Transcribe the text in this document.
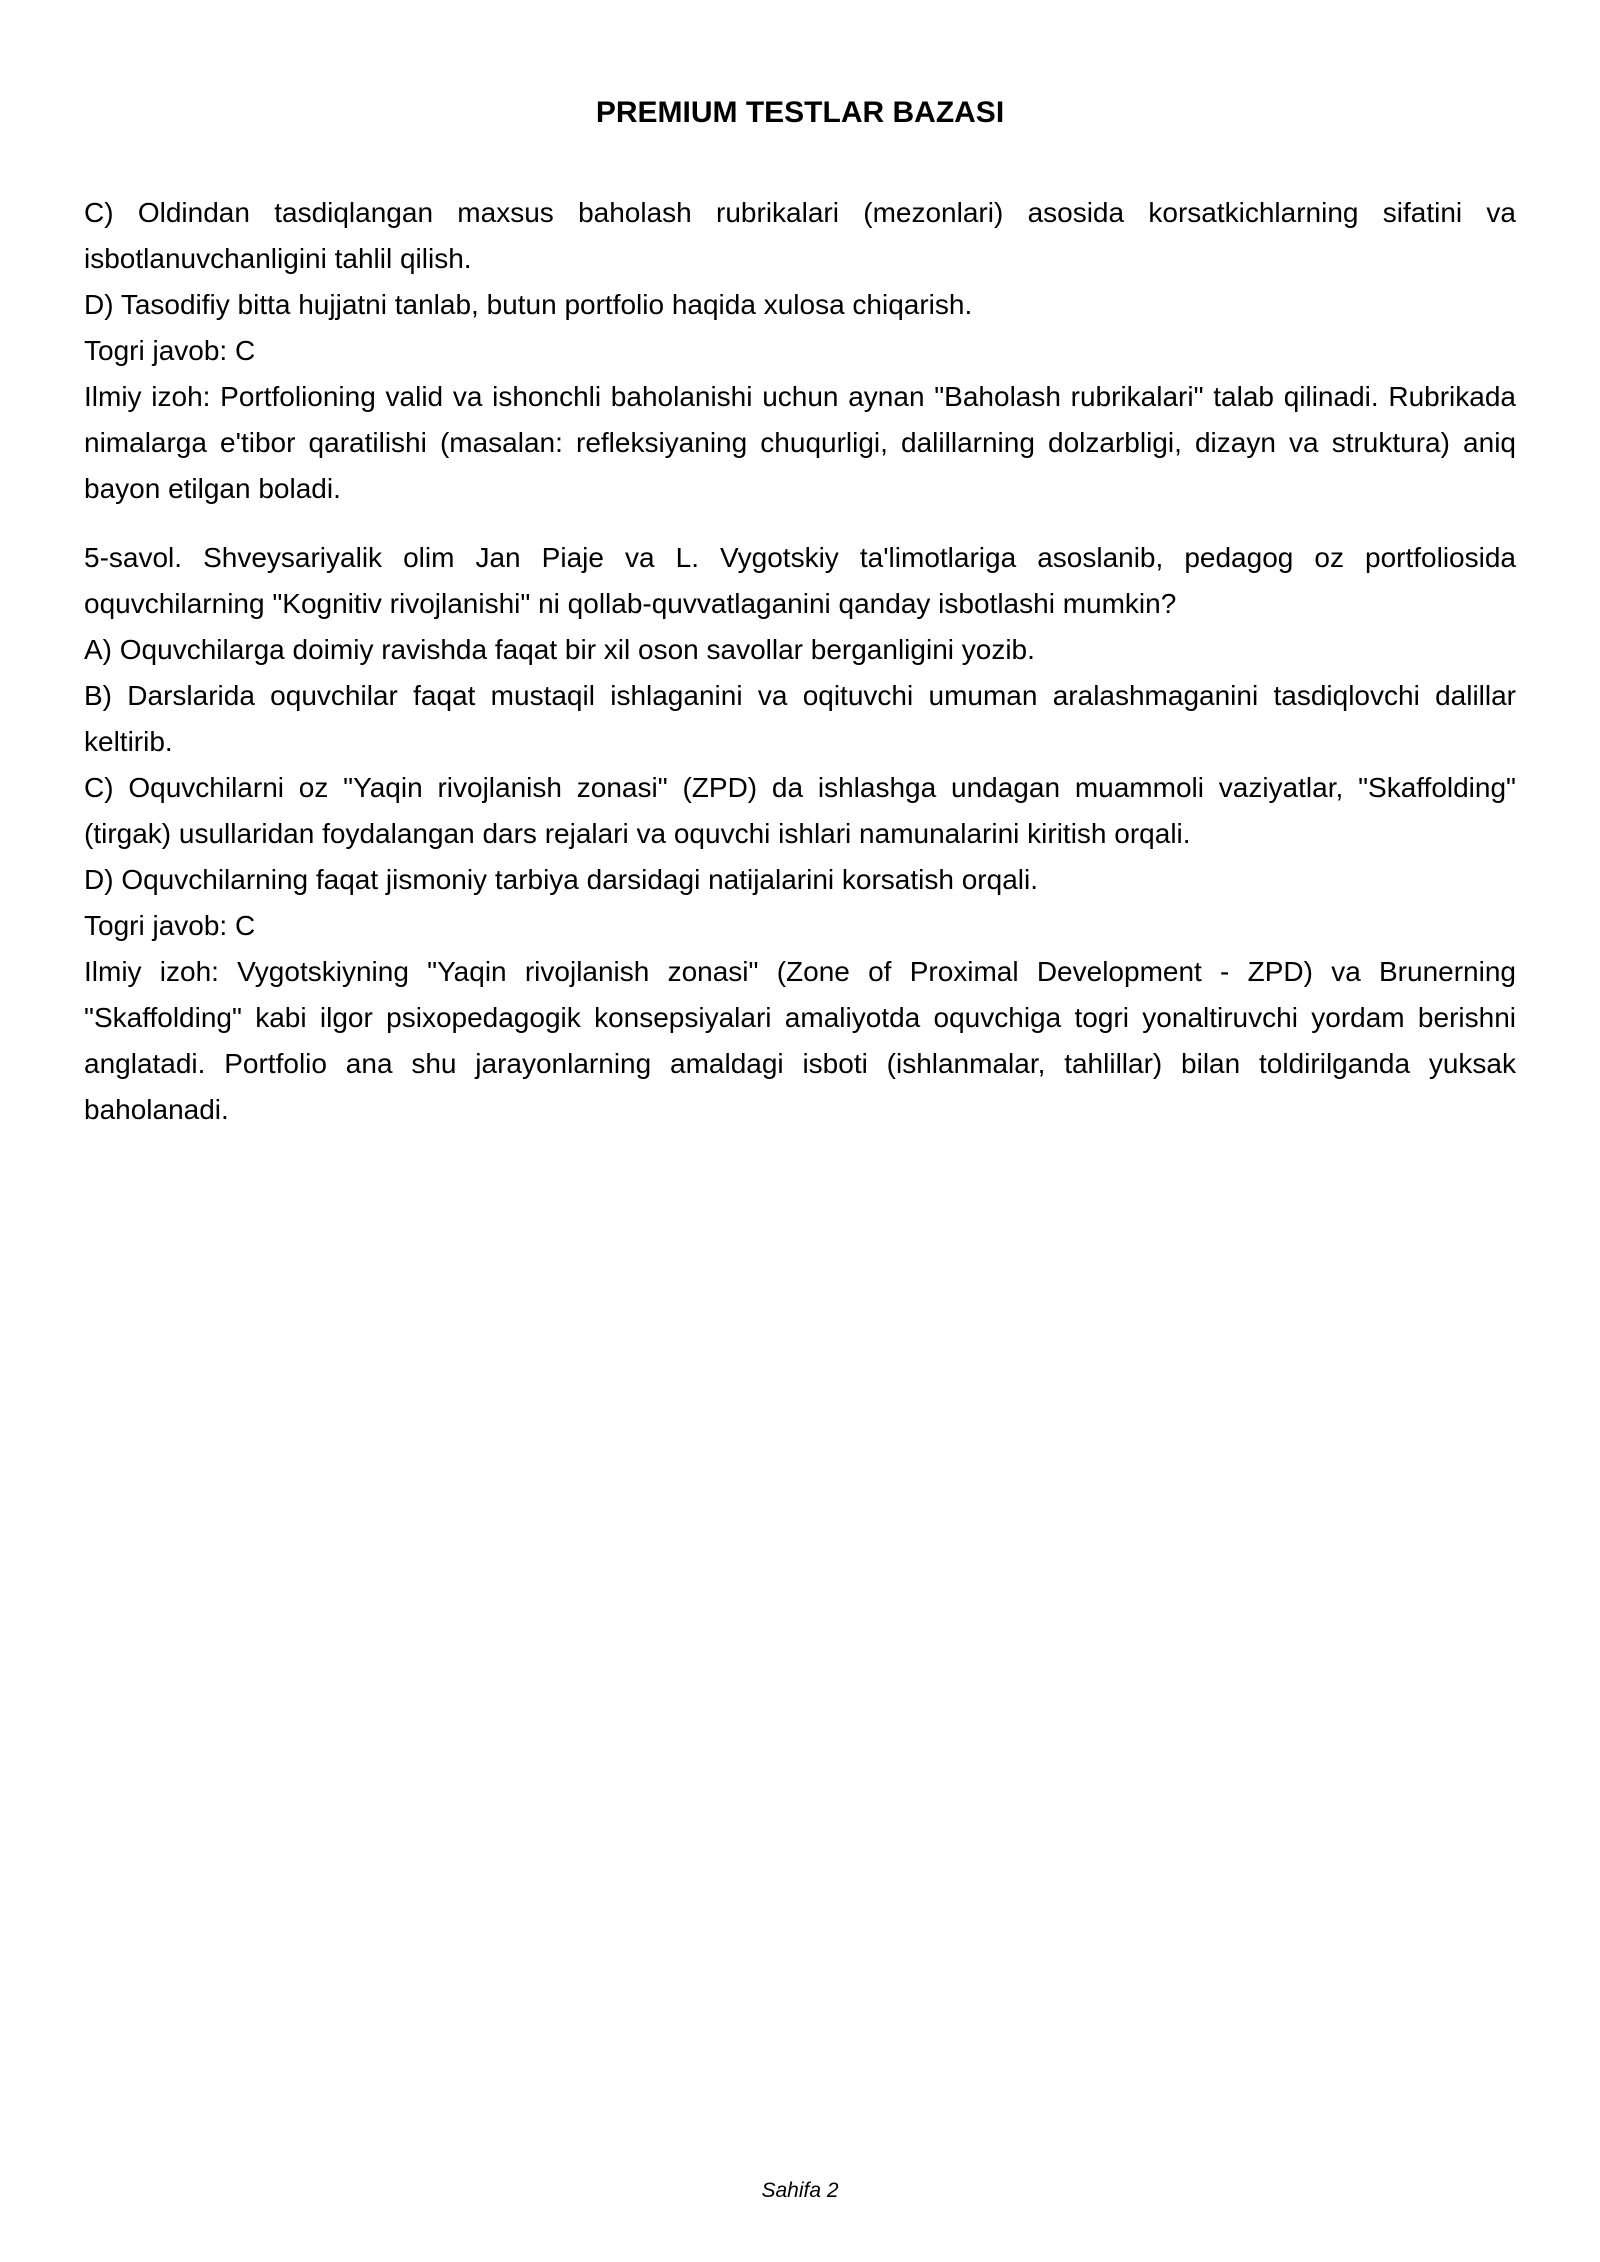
PREMIUM TESTLAR BAZASI

C) Oldindan tasdiqlangan maxsus baholash rubrikalari (mezonlari) asosida korsatkichlarning sifatini va isbotlanuvchanligini tahlil qilish.

D) Tasodifiy bitta hujjatni tanlab, butun portfolio haqida xulosa chiqarish.

Togri javob: C

Ilmiy izoh: Portfolioning valid va ishonchli baholanishi uchun aynan "Baholash rubrikalari" talab qilinadi. Rubrikada nimalarga e'tibor qaratilishi (masalan: refleksiyaning chuqurligi, dalillarning dolzarbligi, dizayn va struktura) aniq bayon etilgan boladi.

5-savol. Shveysariyalik olim Jan Piaje va L. Vygotskiy ta'limotlariga asoslanib, pedagog oz portfoliosida oquvchilarning "Kognitiv rivojlanishi" ni qollab-quvvatlaganini qanday isbotlashi mumkin?

A) Oquvchilarga doimiy ravishda faqat bir xil oson savollar berganligini yozib.

B) Darslarida oquvchilar faqat mustaqil ishlaganini va oqituvchi umuman aralashmaganini tasdiqlovchi dalillar keltirib.

C) Oquvchilarni oz "Yaqin rivojlanish zonasi" (ZPD) da ishlashga undagan muammoli vaziyatlar, "Skaffolding" (tirgak) usullaridan foydalangan dars rejalari va oquvchi ishlari namunalarini kiritish orqali.

D) Oquvchilarning faqat jismoniy tarbiya darsidagi natijalarini korsatish orqali.

Togri javob: C

Ilmiy izoh: Vygotskiyning "Yaqin rivojlanish zonasi" (Zone of Proximal Development - ZPD) va Brunerning "Skaffolding" kabi ilgor psixopedagogik konsepsiyalari amaliyotda oquvchiga togri yonaltiruvchi yordam berishni anglatadi. Portfolio ana shu jarayonlarning amaldagi isboti (ishlanmalar, tahlillar) bilan toldirilganda yuksak baholanadi.

Sahifa 2
